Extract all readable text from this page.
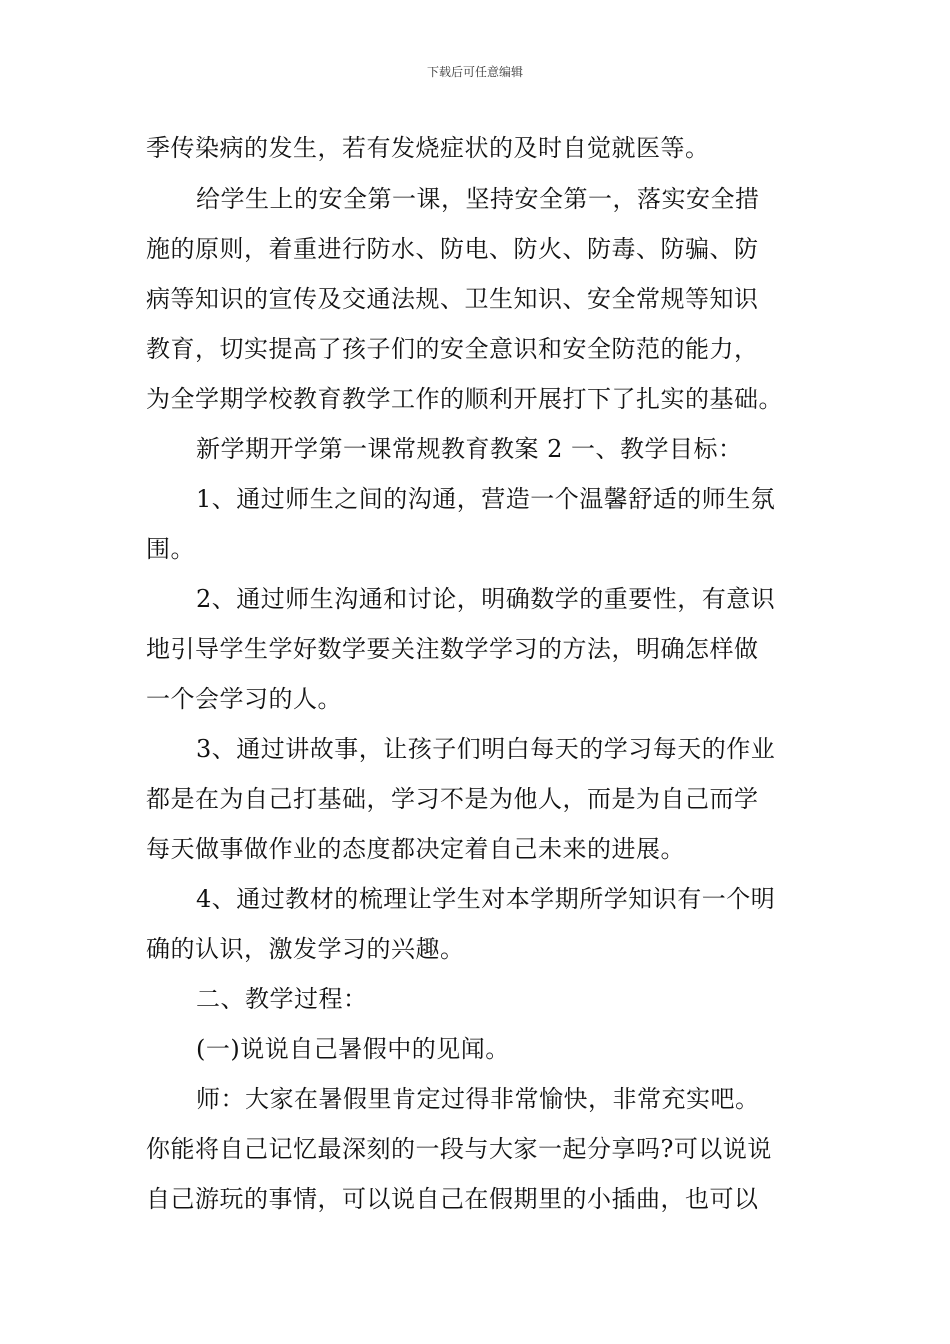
下载后可任意编辑
季传染病的发生，若有发烧症状的及时自觉就医等。
给学生上的安全第一课，坚持安全第一，落实安全措
施的原则，着重进行防水、防电、防火、防毒、防骗、防
病等知识的宣传及交通法规、卫生知识、安全常规等知识
教育，切实提高了孩子们的安全意识和安全防范的能力，
为全学期学校教育教学工作的顺利开展打下了扎实的基础。
新学期开学第一课常规教育教案 2 一、教学目标：
1、通过师生之间的沟通，营造一个温馨舒适的师生氛
围。
2、通过师生沟通和讨论，明确数学的重要性，有意识
地引导学生学好数学要关注数学学习的方法，明确怎样做
一个会学习的人。
3、通过讲故事，让孩子们明白每天的学习每天的作业
都是在为自己打基础，学习不是为他人，而是为自己而学
每天做事做作业的态度都决定着自己未来的进展。
4、通过教材的梳理让学生对本学期所学知识有一个明
确的认识，激发学习的兴趣。
二、教学过程：
(一)说说自己暑假中的见闻。
师：大家在暑假里肯定过得非常愉快，非常充实吧。
你能将自己记忆最深刻的一段与大家一起分享吗?可以说说
自己游玩的事情，可以说自己在假期里的小插曲，也可以
